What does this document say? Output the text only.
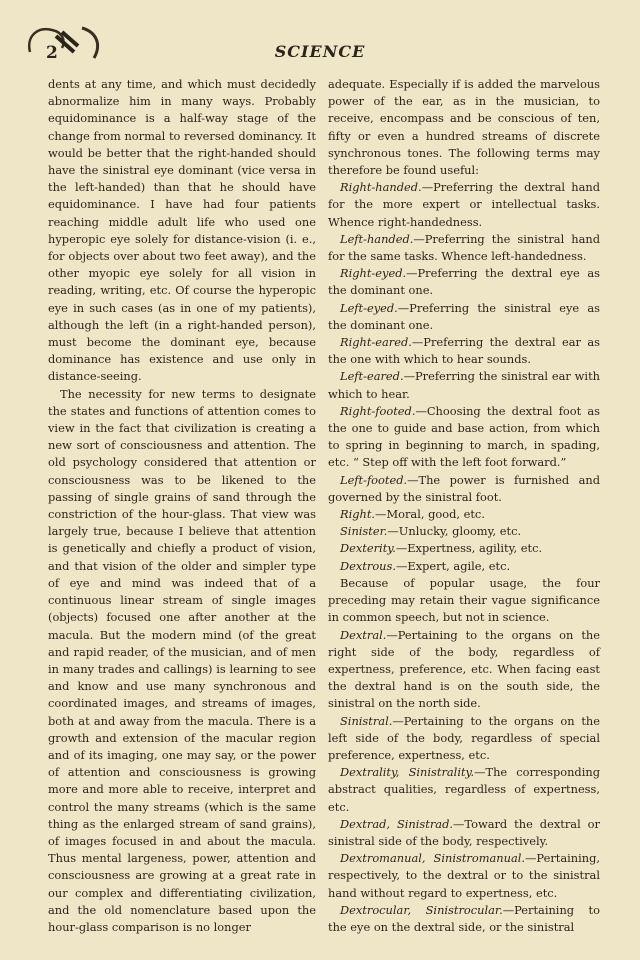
2	SCIENCE

dents at any time, and which must decidedly abnormalize him in many ways. Probably equidominance is a half-way stage of the change from normal to reversed dominancy. It would be better that the right-handed should have the sinistral eye dominant (vice versa in the left-handed) than that he should have equidominance. I have had four patients reaching middle adult life who used one hyperopic eye solely for distance-vision (i. e., for objects over about two feet away), and the other myopic eye solely for all vision in reading, writing, etc. Of course the hyperopic eye in such cases (as in one of my patients), although the left (in a right-handed person), must become the dominant eye, because dominance has existence and use only in distance-seeing.

The necessity for new terms to designate the states and functions of attention comes to view in the fact that civilization is creating a new sort of consciousness and attention. The old psychology considered that attention or consciousness was to be likened to the passing of single grains of sand through the constriction of the hour-glass. That view was largely true, because I believe that attention is genetically and chiefly a product of vision, and that vision of the older and simpler type of eye and mind was indeed that of a continuous linear stream of single images (objects) focused one after another at the macula. But the modern mind (of the great and rapid reader, of the musician, and of men in many trades and callings) is learning to see and know and use many synchronous and coordinated images, and streams of images, both at and away from the macula. There is a growth and extension of the macular region and of its imaging, one may say, or the power of attention and consciousness is growing more and more able to receive, interpret and control the many streams (which is the same thing as the enlarged stream of sand grains), of images focused in and about the macula. Thus mental largeness, power, attention and consciousness are growing at a great rate in our complex and differentiating civilization, and the old nomenclature based upon the hour-glass comparison is no longer

adequate. Especially if is added the marvelous power of the ear, as in the musician, to receive, encompass and be conscious of ten, fifty or even a hundred streams of discrete synchronous tones. The following terms may therefore be found useful:

Right-handed.—Preferring the dextral hand for the more expert or intellectual tasks. Whence right-handedness.

Left-handed.—Preferring the sinistral hand for the same tasks. Whence left-handedness.

Right-eyed.—Preferring the dextral eye as the dominant one.

Left-eyed.—Preferring the sinistral eye as the dominant one.

Right-eared.—Preferring the dextral ear as the one with which to hear sounds.

Left-eared.—Preferring the sinistral ear with which to hear.

Right-footed.—Choosing the dextral foot as the one to guide and base action, from which to spring in beginning to march, in spading, etc. “ Step off with the left foot forward.”

Left-footed.—The power is furnished and governed by the sinistral foot.

Right.—Moral, good, etc.

Sinister.—Unlucky, gloomy, etc.

Dexterity.—Expertness, agility, etc.

Dextrous.—Expert, agile, etc.

Because of popular usage, the four preceding may retain their vague significance in common speech, but not in science.

Dextral.—Pertaining to the organs on the right side of the body, regardless of expertness, preference, etc. When facing east the dextral hand is on the south side, the sinistral on the north side.

Sinistral.—Pertaining to the organs on the left side of the body, regardless of special preference, expertness, etc.

Dextrality, Sinistrality.—The corresponding abstract qualities, regardless of expertness, etc.

Dextrad, Sinistrad.—Toward the dextral or sinistral side of the body, respectively.

Dextromanual, Sinistromanual.—Pertaining, respectively, to the dextral or to the sinistral hand without regard to expertness, etc.

Dextrocular, Sinistrocular.—Pertaining to the eye on the dextral side, or the sinistral
